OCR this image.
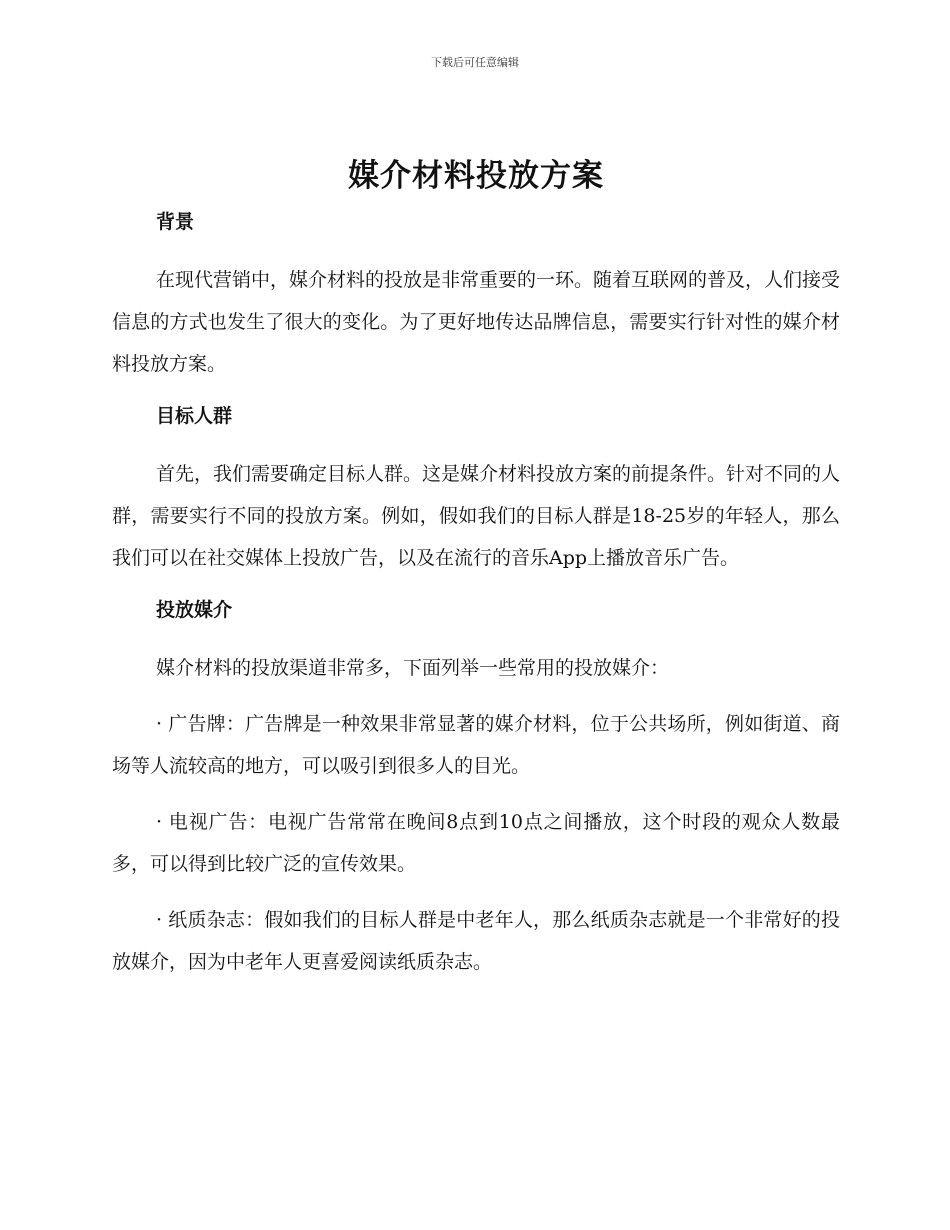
下载后可任意编辑
媒介材料投放方案
背景

在现代营销中，媒介材料的投放是非常重要的一环。随着互联网的普及，人们接受信息的方式也发生了很大的变化。为了更好地传达品牌信息，需要实行针对性的媒介材料投放方案。

目标人群

首先，我们需要确定目标人群。这是媒介材料投放方案的前提条件。针对不同的人群，需要实行不同的投放方案。例如，假如我们的目标人群是18-25岁的年轻人，那么我们可以在社交媒体上投放广告，以及在流行的音乐App上播放音乐广告。

投放媒介

媒介材料的投放渠道非常多，下面列举一些常用的投放媒介：

· 广告牌：广告牌是一种效果非常显著的媒介材料，位于公共场所，例如街道、商场等人流较高的地方，可以吸引到很多人的目光。

· 电视广告：电视广告常常在晚间8点到10点之间播放，这个时段的观众人数最多，可以得到比较广泛的宣传效果。

· 纸质杂志：假如我们的目标人群是中老年人，那么纸质杂志就是一个非常好的投放媒介，因为中老年人更喜爱阅读纸质杂志。
